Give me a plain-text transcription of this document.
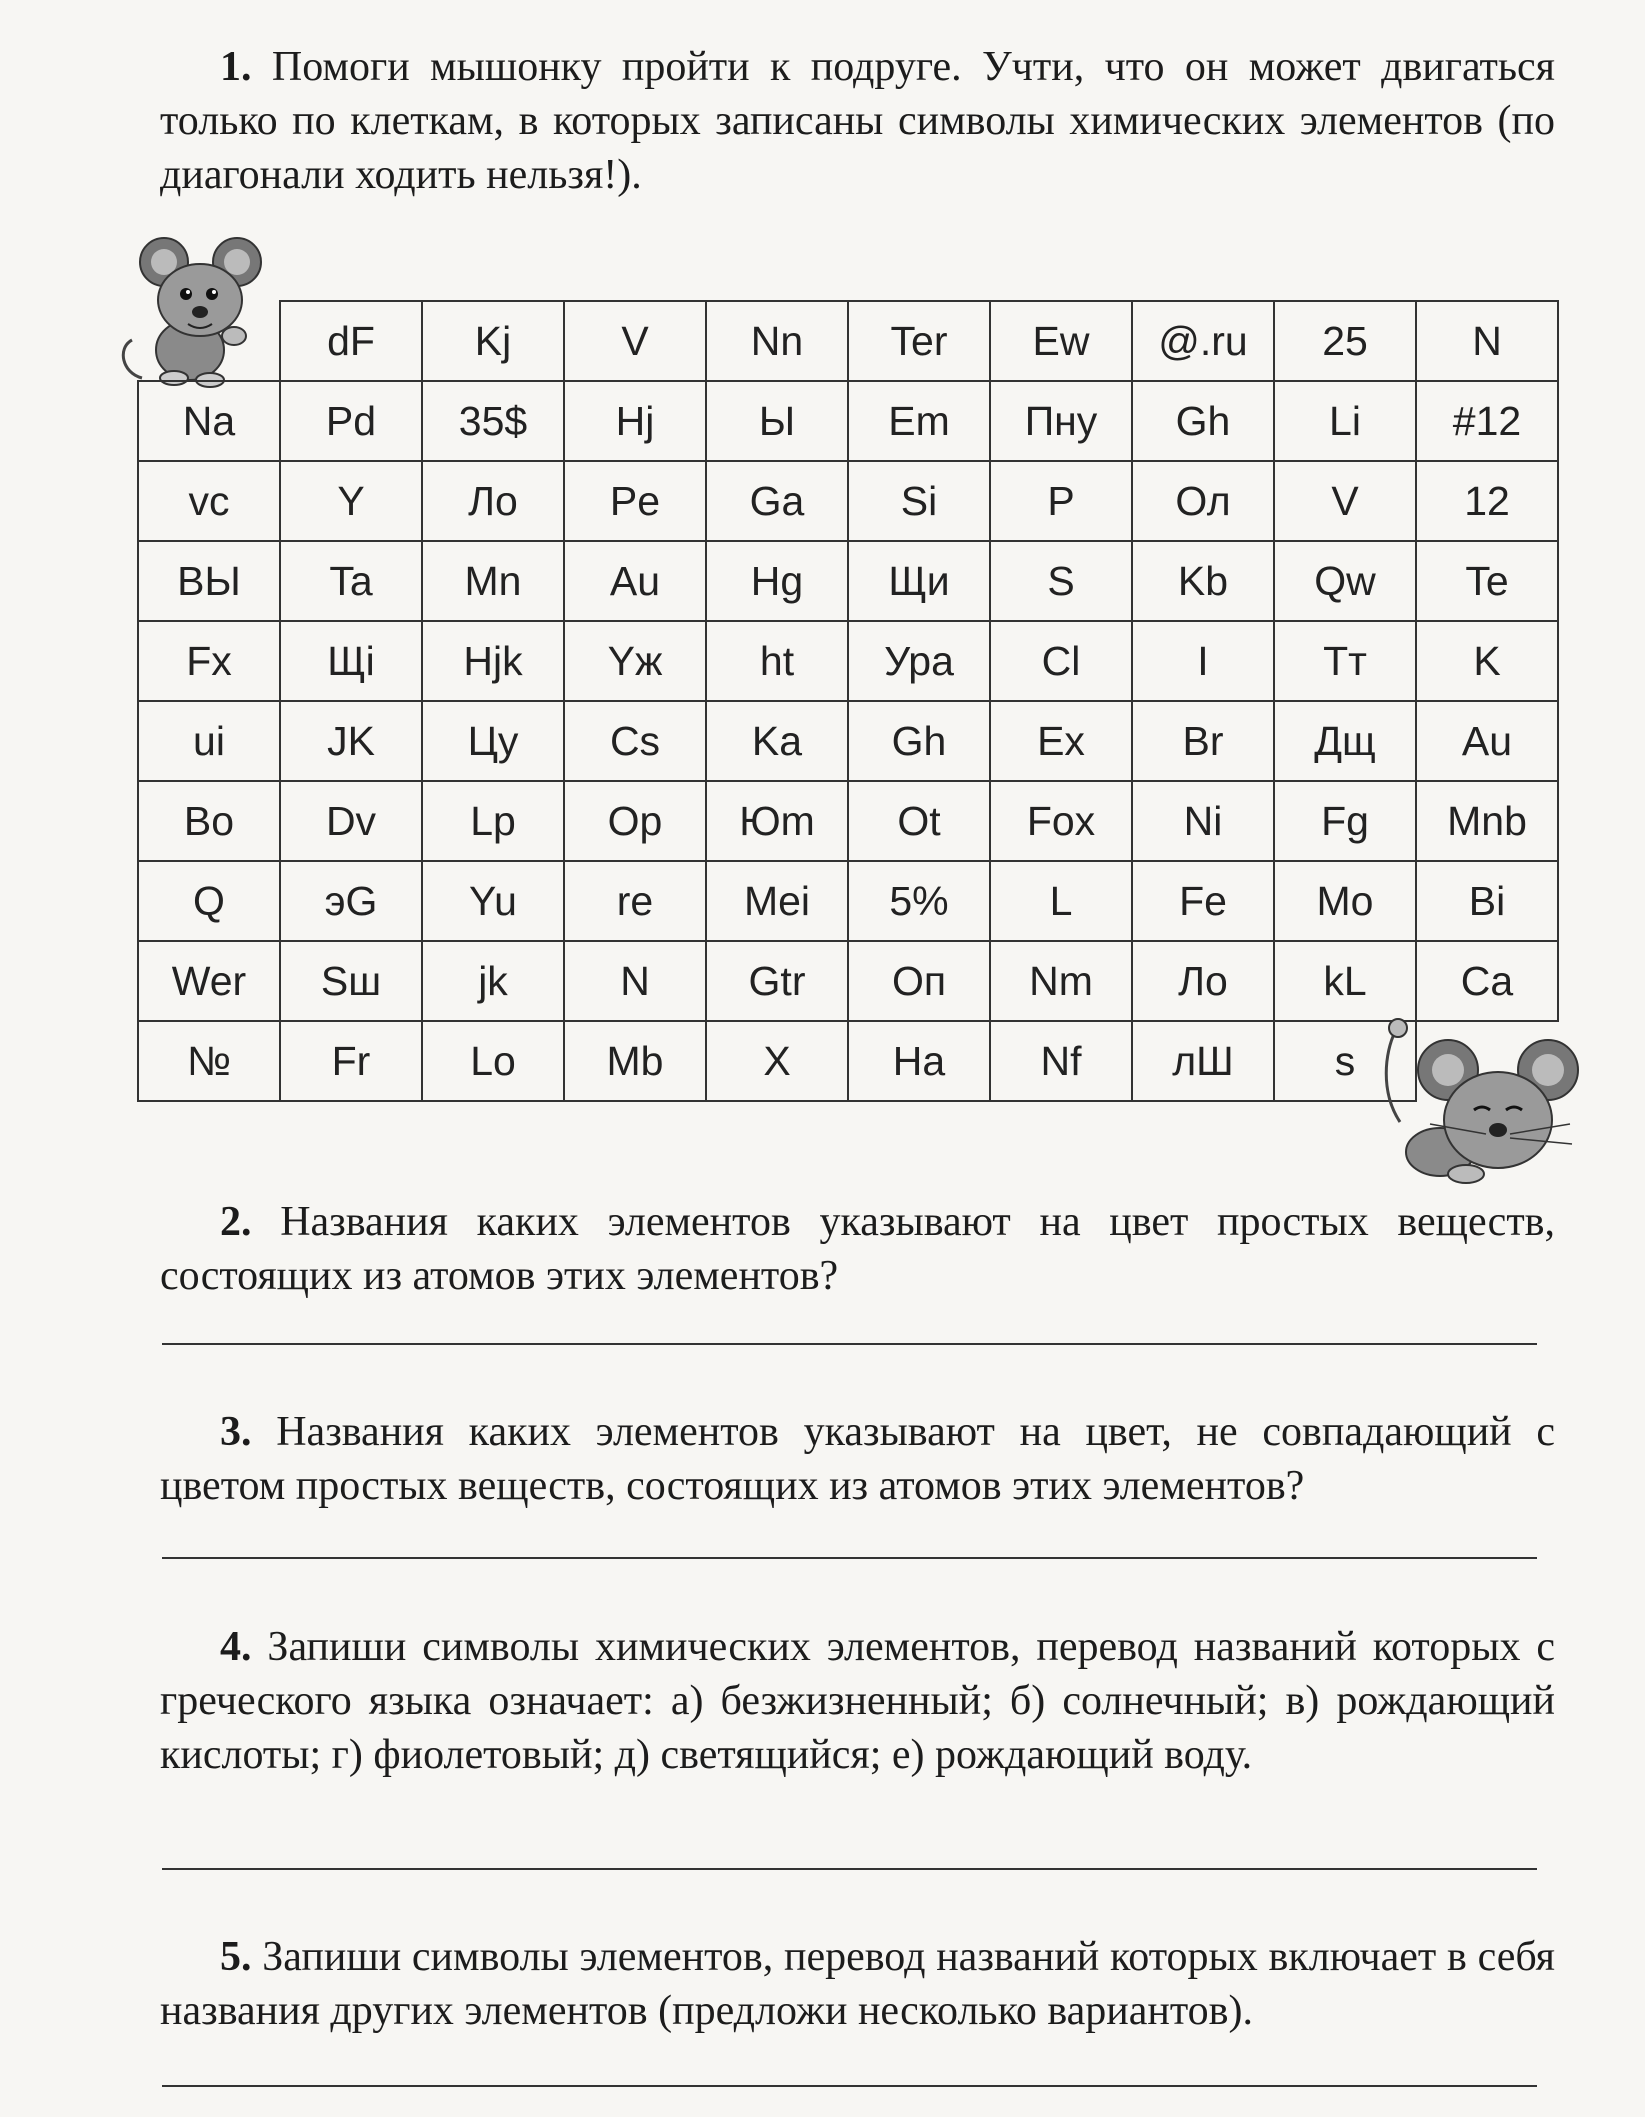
1. Помоги мышонку пройти к подруге. Учти, что он может двигаться только по клеткам, в которых записаны символы химических элементов (по диагонали ходить нельзя!).

	dF	Kj	V	Nn	Ter	Ew	@.ru	25	N
Na	Pd	35$	Hj	Ы	Em	Пну	Gh	Li	#12
vc	Y	Ло	Pe	Ga	Si	P	Ол	V	12
ВЫ	Ta	Mn	Au	Hg	Щи	S	Kb	Qw	Te
Fx	Щi	Hjk	Yж	ht	Ура	Cl	I	Тт	K
ui	JK	Цу	Cs	Ka	Gh	Ex	Br	Дщ	Au
Bo	Dv	Lp	Op	Юm	Ot	Fox	Ni	Fg	Mnb
Q	эG	Yu	re	Mei	5%	L	Fe	Mo	Bi
Wer	Sш	jk	N	Gtr	Оп	Nm	Ло	kL	Ca
№	Fr	Lo	Mb	X	Ha	Nf	лШ	s	

2. Названия каких элементов указывают на цвет простых веществ, состоящих из атомов этих элементов?

3. Названия каких элементов указывают на цвет, не совпадающий с цветом простых веществ, состоящих из атомов этих элементов?

4. Запиши символы химических элементов, перевод названий которых с греческого языка означает: а) безжизненный; б) солнечный; в) рождающий кислоты; г) фиолетовый; д) светящийся; е) рождающий воду.

5. Запиши символы элементов, перевод названий которых включает в себя названия других элементов (предложи несколько вариантов).
